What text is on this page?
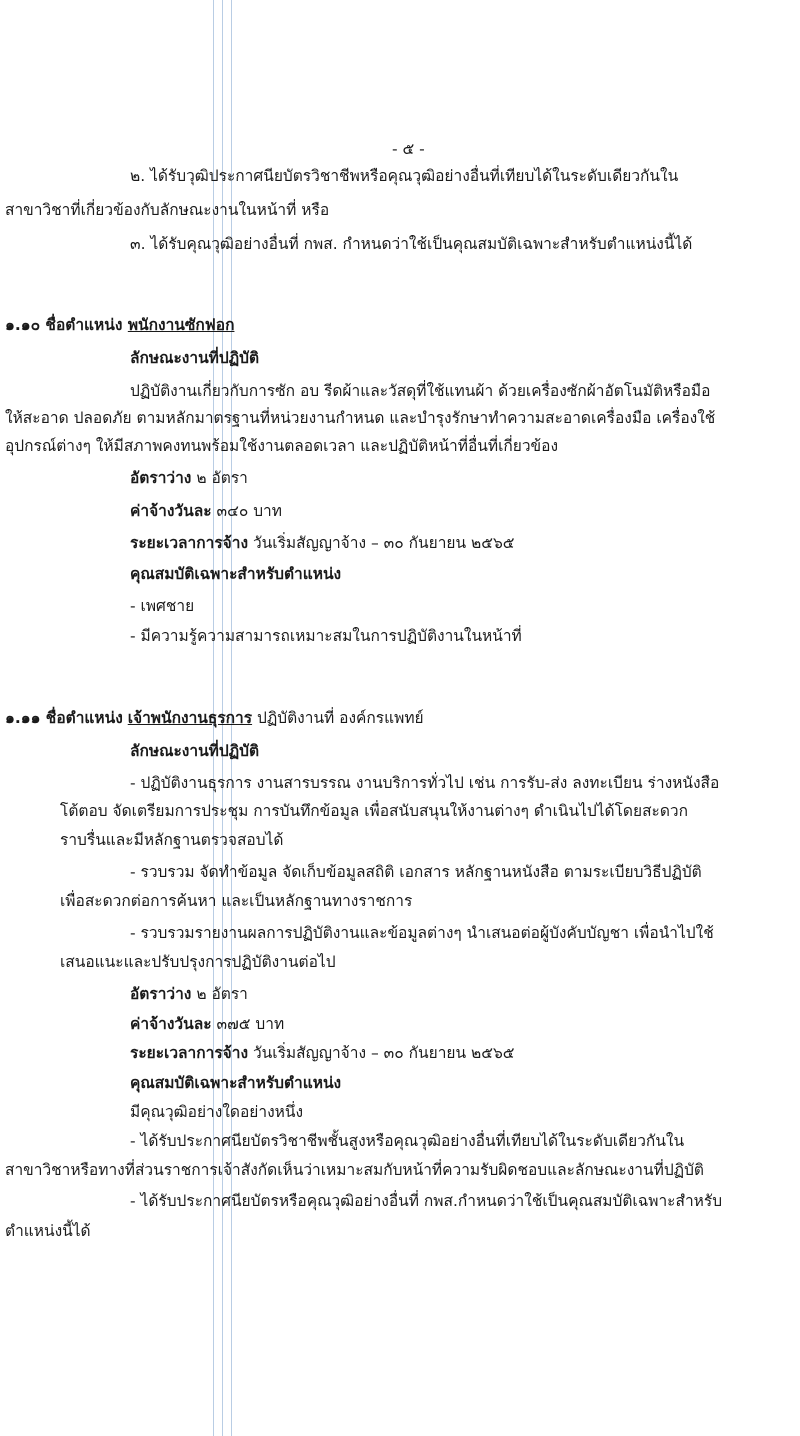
- ๕ -
๒. ได้รับวุฒิประกาศนียบัตรวิชาชีพหรือคุณวุฒิอย่างอื่นที่เทียบได้ในระดับเดียวกันใน
สาขาวิชาที่เกี่ยวข้องกับลักษณะงานในหน้าที่ หรือ
๓. ได้รับคุณวุฒิอย่างอื่นที่ กพส. กำหนดว่าใช้เป็นคุณสมบัติเฉพาะสำหรับตำแหน่งนี้ได้
๑.๑๐ ชื่อตำแหน่ง พนักงานซักฟอก
ลักษณะงานที่ปฏิบัติ
ปฏิบัติงานเกี่ยวกับการซัก อบ รีดผ้าและวัสดุที่ใช้แทนผ้า ด้วยเครื่องซักผ้าอัตโนมัติหรือมือ
ให้สะอาด ปลอดภัย ตามหลักมาตรฐานที่หน่วยงานกำหนด และบำรุงรักษาทำความสะอาดเครื่องมือ เครื่องใช้
อุปกรณ์ต่างๆ ให้มีสภาพคงทนพร้อมใช้งานตลอดเวลา และปฏิบัติหน้าที่อื่นที่เกี่ยวข้อง
อัตราว่าง ๒ อัตรา
ค่าจ้างวันละ ๓๔๐ บาท
ระยะเวลาการจ้าง วันเริ่มสัญญาจ้าง – ๓๐ กันยายน ๒๕๖๕
คุณสมบัติเฉพาะสำหรับตำแหน่ง
- เพศชาย
- มีความรู้ความสามารถเหมาะสมในการปฏิบัติงานในหน้าที่
๑.๑๑ ชื่อตำแหน่ง เจ้าพนักงานธุรการ ปฏิบัติงานที่ องค์กรแพทย์
ลักษณะงานที่ปฏิบัติ
- ปฏิบัติงานธุรการ งานสารบรรณ งานบริการทั่วไป เช่น การรับ-ส่ง ลงทะเบียน ร่างหนังสือ
โต้ตอบ จัดเตรียมการประชุม การบันทึกข้อมูล เพื่อสนับสนุนให้งานต่างๆ ดำเนินไปได้โดยสะดวก
ราบรื่นและมีหลักฐานตรวจสอบได้
- รวบรวม จัดทำข้อมูล จัดเก็บข้อมูลสถิติ เอกสาร หลักฐานหนังสือ ตามระเบียบวิธีปฏิบัติ
เพื่อสะดวกต่อการค้นหา และเป็นหลักฐานทางราชการ
- รวบรวมรายงานผลการปฏิบัติงานและข้อมูลต่างๆ นำเสนอต่อผู้บังคับบัญชา เพื่อนำไปใช้
เสนอแนะและปรับปรุงการปฏิบัติงานต่อไป
อัตราว่าง ๒ อัตรา
ค่าจ้างวันละ ๓๗๕ บาท
ระยะเวลาการจ้าง วันเริ่มสัญญาจ้าง – ๓๐ กันยายน ๒๕๖๕
คุณสมบัติเฉพาะสำหรับตำแหน่ง
มีคุณวุฒิอย่างใดอย่างหนึ่ง
- ได้รับประกาศนียบัตรวิชาชีพชั้นสูงหรือคุณวุฒิอย่างอื่นที่เทียบได้ในระดับเดียวกันใน
สาขาวิชาหรือทางที่ส่วนราชการเจ้าสังกัดเห็นว่าเหมาะสมกับหน้าที่ความรับผิดชอบและลักษณะงานที่ปฏิบัติ
- ได้รับประกาศนียบัตรหรือคุณวุฒิอย่างอื่นที่ กพส.กำหนดว่าใช้เป็นคุณสมบัติเฉพาะสำหรับ
ตำแหน่งนี้ได้
